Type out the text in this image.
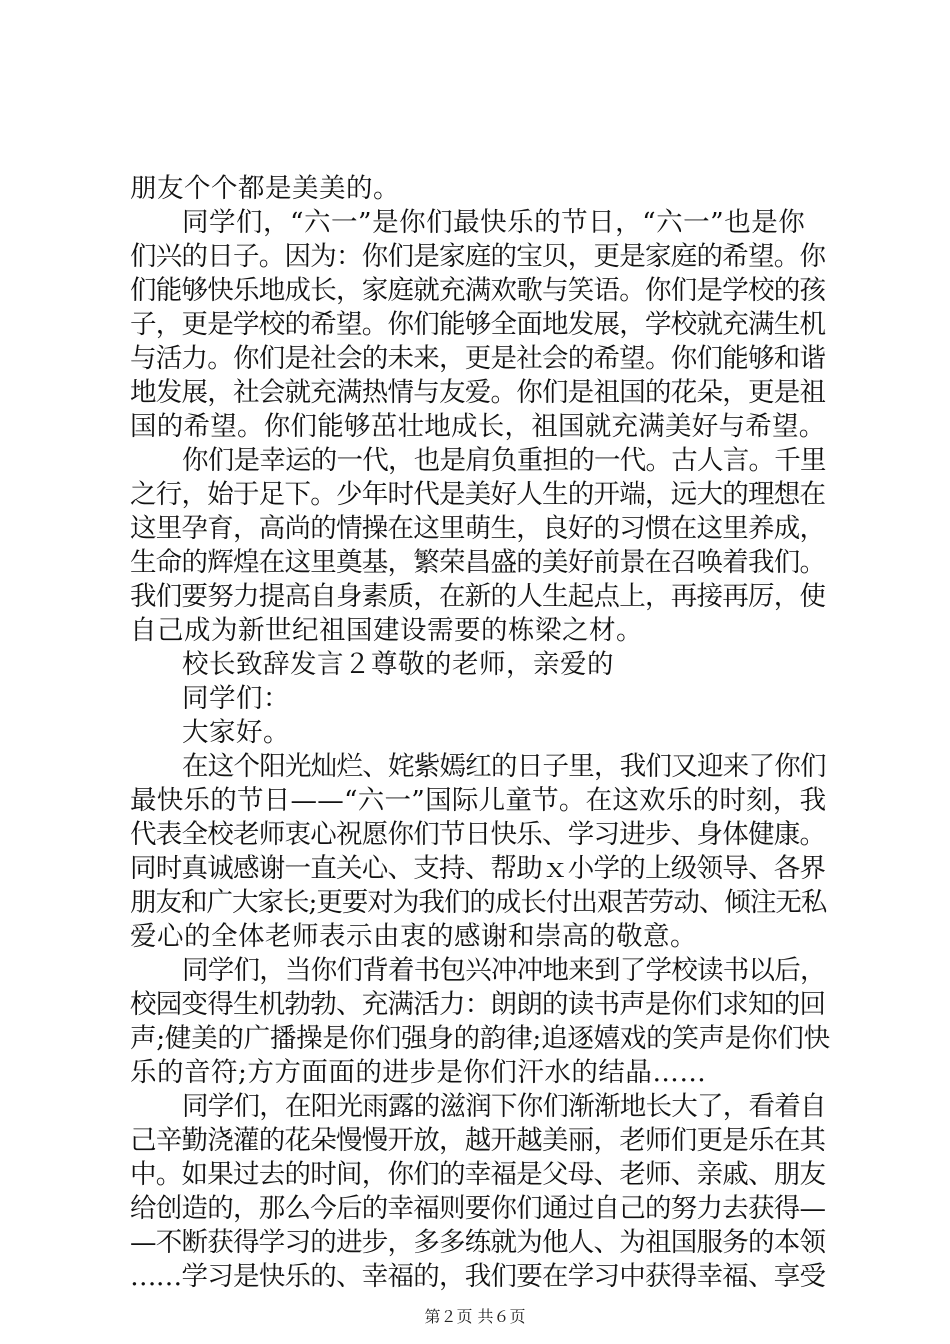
朋友个个都是美美的。
同学们，“六一”是你们最快乐的节日，“六一”也是你
们兴的日子。因为：你们是家庭的宝贝，更是家庭的希望。你
们能够快乐地成长，家庭就充满欢歌与笑语。你们是学校的孩
子，更是学校的希望。你们能够全面地发展，学校就充满生机
与活力。你们是社会的未来，更是社会的希望。你们能够和谐
地发展，社会就充满热情与友爱。你们是祖国的花朵，更是祖
国的希望。你们能够茁壮地成长，祖国就充满美好与希望。
你们是幸运的一代，也是肩负重担的一代。古人言。千里
之行，始于足下。少年时代是美好人生的开端，远大的理想在
这里孕育，高尚的情操在这里萌生，良好的习惯在这里养成，
生命的辉煌在这里奠基，繁荣昌盛的美好前景在召唤着我们。
我们要努力提高自身素质，在新的人生起点上，再接再厉，使
自己成为新世纪祖国建设需要的栋梁之材。
校长致辞发言２尊敬的老师，亲爱的
同学们：
大家好。
在这个阳光灿烂、姹紫嫣红的日子里，我们又迎来了你们
最快乐的节日——“六一”国际儿童节。在这欢乐的时刻，我
代表全校老师衷心祝愿你们节日快乐、学习进步、身体健康。
同时真诚感谢一直关心、支持、帮助ｘ小学的上级领导、各界
朋友和广大家长;更要对为我们的成长付出艰苦劳动、倾注无私
爱心的全体老师表示由衷的感谢和崇高的敬意。
同学们，当你们背着书包兴冲冲地来到了学校读书以后，
校园变得生机勃勃、充满活力：朗朗的读书声是你们求知的回
声;健美的广播操是你们强身的韵律;追逐嬉戏的笑声是你们快
乐的音符;方方面面的进步是你们汗水的结晶……
同学们，在阳光雨露的滋润下你们渐渐地长大了，看着自
己辛勤浇灌的花朵慢慢开放，越开越美丽，老师们更是乐在其
中。如果过去的时间，你们的幸福是父母、老师、亲戚、朋友
给创造的，那么今后的幸福则要你们通过自己的努力去获得—
—不断获得学习的进步，多多练就为他人、为祖国服务的本领
……学习是快乐的、幸福的，我们要在学习中获得幸福、享受
第２页 共６页
